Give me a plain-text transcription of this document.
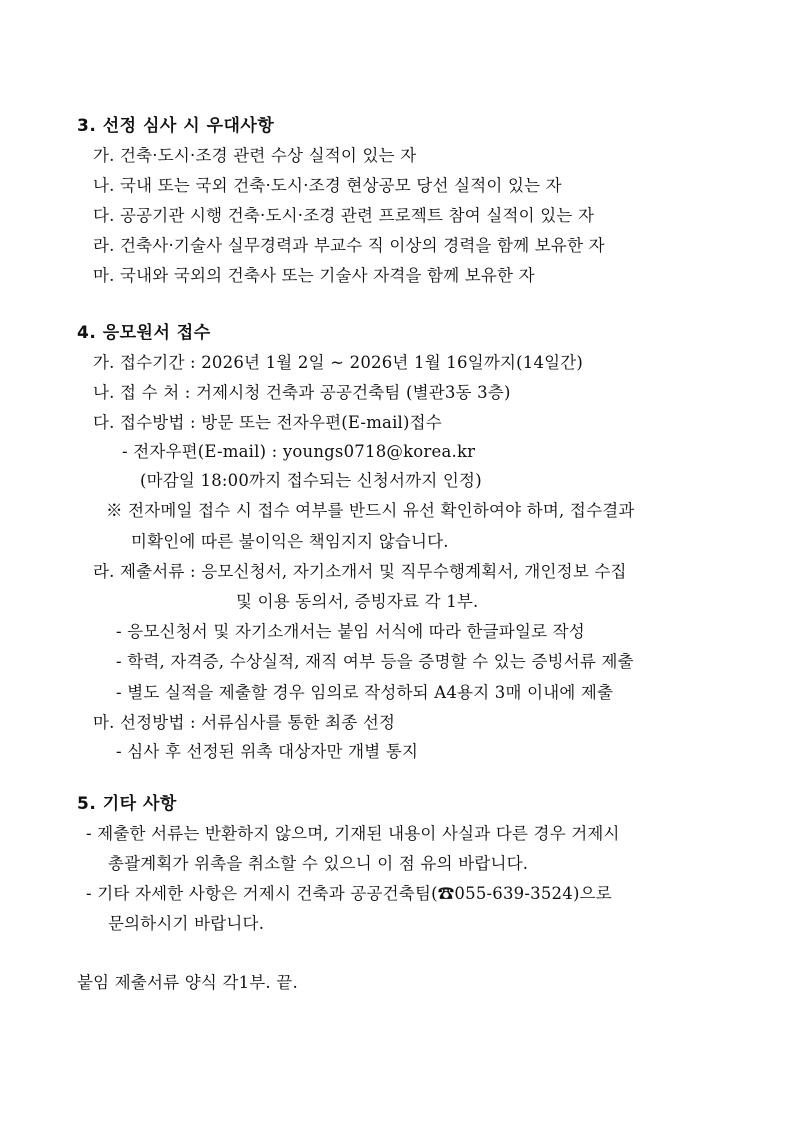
3. 선정 심사 시 우대사항
가. 건축·도시·조경 관련 수상 실적이 있는 자
나. 국내 또는 국외 건축·도시·조경 현상공모 당선 실적이 있는 자
다. 공공기관 시행 건축·도시·조경 관련 프로젝트 참여 실적이 있는 자
라. 건축사·기술사 실무경력과 부교수 직 이상의 경력을 함께 보유한 자
마. 국내와 국외의 건축사 또는 기술사 자격을 함께 보유한 자
4. 응모원서 접수
가. 접수기간 : 2026년 1월 2일 ~ 2026년 1월 16일까지(14일간)
나. 접 수 처 : 거제시청 건축과 공공건축팀 (별관3동 3층)
다. 접수방법 : 방문 또는 전자우편(E-mail)접수
- 전자우편(E-mail) : youngs0718@korea.kr
(마감일 18:00까지 접수되는 신청서까지 인정)
※ 전자메일 접수 시 접수 여부를 반드시 유선 확인하여야 하며, 접수결과
미확인에 따른 불이익은 책임지지 않습니다.
라. 제출서류 : 응모신청서, 자기소개서 및 직무수행계획서, 개인정보 수집
및 이용 동의서, 증빙자료 각 1부.
- 응모신청서 및 자기소개서는 붙임 서식에 따라 한글파일로 작성
- 학력, 자격증, 수상실적, 재직 여부 등을 증명할 수 있는 증빙서류 제출
- 별도 실적을 제출할 경우 임의로 작성하되 A4용지 3매 이내에 제출
마. 선정방법 : 서류심사를 통한 최종 선정
- 심사 후 선정된 위촉 대상자만 개별 통지
5. 기타 사항
- 제출한 서류는 반환하지 않으며, 기재된 내용이 사실과 다른 경우 거제시
총괄계획가 위촉을 취소할 수 있으니 이 점 유의 바랍니다.
- 기타 자세한 사항은 거제시 건축과 공공건축팀(☎055-639-3524)으로
문의하시기 바랍니다.
붙임 제출서류 양식 각1부. 끝.
